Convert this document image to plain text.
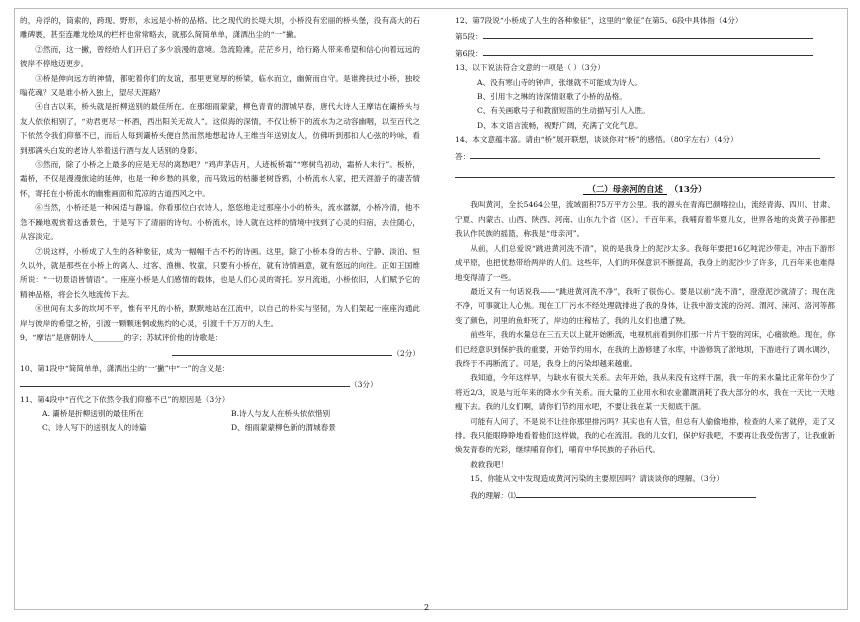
的，舟浮的，筒索的，跨现、野形，永远是小桥的品格。比之现代的长堤大坝，小桥没有宏丽的桥头堡，没有高大的石雕碑裹，甚至连雕龙绘凤的栏杆也常常略去，就那么简简单单，潇洒出尘的“一”撇。

②然而，这一撇，曾经给人们开启了多少浪漫的意境。急流险滩，茫茫乡月，给行路人带来希望和信心向着远远的彼岸不停地迈更步。

③桥是伸向远方的神情，都驼着你们的友谊，那里更宽厚的桥梁，临水而立，幽俯而自守。是谁搀扶过小桥，独咬嗡花魂？又是谁小桥入独上，望尽天涯路？

④自古以来，桥头就是折柳送别的最佳所在。在那细雨蒙蒙，柳色青青的渭城早春，唐代大诗人王摩诘在灞桥头与友人依依相别了，“劝君更尽一杯酒，西出阳关无故人”。这似海的深情，不仅让桥下的流水为之动容幽咽，以至百代之下依然令我们仰慕不已，而后人每到灞桥头便自然而然地想起诗人王维当年送别友人，仿佛听到那扣人心弦的吟咏，看到那满头白发的老诗人举着送行酒与友人话别的身影。

⑤然而，除了小桥之上最多的应是无尽的离愁吧？“鸡声茅店月，人迹板桥霜”“寒树鸟初动，霜桥人未行”。板桥，霜桥，不仅是漫漫旅途的延伸，也是一种乡愁的具象，而马致远的枯藤老树昏鸦，小桥流水人家，把天涯游子的凄苦情怀，寄托在小桥流水的幽雅画面和荒凉的古道西风之中。

⑥当然，小桥还是一种闲适与静谧。你看那位白衣诗人，悠悠地走过那座小小的桥头，流水潺潺，小桥冷清，他不急不躁地观赏着这番景色，于是写下了清丽的诗句。小桥流水，诗人就在这样的情境中找到了心灵的归宿，去住随心，从容淡定。

⑦说这样，小桥成了人生的各种象征，成为一幅幅千古不朽的诗画。这里，除了小桥本身的古朴、宁静、淡泊、恒久以外，就是那些在小桥上的离人、过客、渔樵、牧童，只要有小桥在，就有诗情画意，就有悠远的向往。正如王国维所说：“一切景语皆情语”。一座座小桥是人们感情的载体，也是人们心灵的寄托。岁月流逝，小桥依旧，人们赋予它的精神品格，将会长久地流传下去。

⑧世间有太多的坎坷不平，惟有平凡的小桥，默默地站在江流中，以自己的朴实与坚韧，为人们架起一座座沟通此岸与彼岸的希望之桥，引渡一颗颗迷惘或焦灼的心灵，引渡千千万万的人生。

9、“摩诘”是唐朝诗人________的字；苏轼评价他的诗歌是：

（2分）

10、第1段中“简简单单，潇洒出尘的‘一’撇”中“一”的含义是：

（3分）

11、第4段中“百代之下依然令我们仰慕不已”的原因是（3分）

A. 灞桥是折柳送别的最佳所在	B.诗人与友人在桥头依依惜别
C、诗人写下的送别友人的诗篇	D、细雨蒙蒙柳色新的渭城春景

12、第7段说“小桥成了人生的各种象征”，这里的“象征”在第5、6段中具体指（4分）

第5段：

第6段：

13、以下说法符合文意的一项是（ ）（3分）

A、没有寒山寺的钟声，张继就不可能成为诗人。

B、引用卞之琳的诗深情讴歌了小桥的品格。

C、有关画歌号子和教窗短笛的生动描写引人入胜。

D、本文语言流畅，视野广阔，充满了文化气息。

14、本文意蕴丰富。请由“桥”展开联想，谈谈你对“桥”的感悟。（80字左右）（4分）

答：

（二）母亲河的自述 （13分）

我叫黄河，全长5464公里，流域面积75万平方公里。我的源头在青海巴颜喀拉山，流经青海、四川、甘肃、宁夏、内蒙古、山西、陕西、河南、山东九个省（区）。千百年来，我哺育着华夏儿女，世界各地的炎黄子孙都把我认作民族的摇篮，称我是“母亲河”。

从前，人们总爱说“跳进黄河洗不清”，说的是我身上的泥沙太多。我每年要把16亿吨泥沙带走，冲击下游形成平原，也把忧愁带给两岸的人们。这些年，人们的环保意识不断提高，我身上的泥沙少了许多，几百年来也难得地变得清了一些。

最近又有一句话说我——“跳进黄河洗不净”，我听了很伤心。要是以前“洗不清”，澄澄泥沙就清了；现在洗不净，可事就让人心焦。现在工厂污水不经处理就排进了我的身体，让我中游支流的汾河、渭河、涑河、洛河等都变了颜色，河里的鱼虾死了，岸边的庄稼枯了，我的儿女们也遭了殃。

前些年，我的水量总在三五天以上就开始断流，电视机前看到你们那一片片干裂的河床，心痛欲绝。现在，你们已经意识到保护我的重要，开始节约用水，在我的上游修建了水库，中游修筑了淤地坝，下游进行了调水调沙，我终于不再断流了。可是，我身上的污染却越来越重。

我知道，今年这样旱，与缺水有很大关系。去年开始，我从来没有这样干涸，我一年的来水量比正常年份少了将近2/3，说是与近年来的降水少有关系。而大量的工业用水和农业灌溉消耗了我大部分的水，我在一天比一天地瘦下去。我的儿女们啊，请你们节约用水吧，不要让我在某一天彻底干涸。

可能有人问了，不是说不让往你那里排污吗？其实也有人管，但总有人偷偷地排，检查的人来了就停，走了又排。我只能眼睁睁地看着他们这样做，我的心在流泪。我的儿女们，保护好我吧，不要再让我受伤害了，让我重新焕发青春的光彩，继续哺育你们，哺育中华民族的子孙后代。

救救我吧！

15、你能从文中发现造成黄河污染的主要原因吗？请谈谈你的理解。（3分）

我的理解：⑴

2
